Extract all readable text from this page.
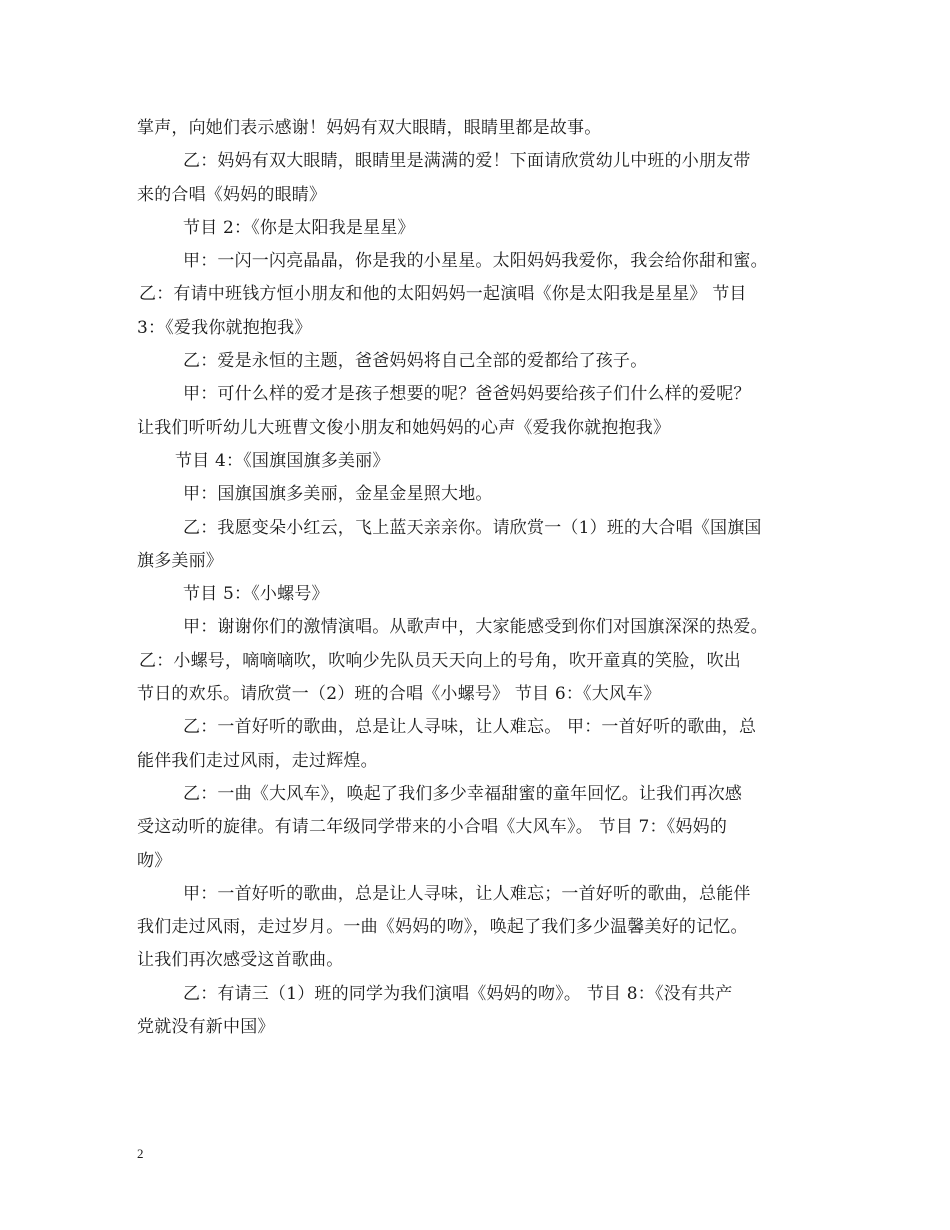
掌声，向她们表示感谢！妈妈有双大眼睛，眼睛里都是故事。
乙：妈妈有双大眼睛，眼睛里是满满的爱！下面请欣赏幼儿中班的小朋友带
来的合唱《妈妈的眼睛》
节目 2：《你是太阳我是星星》
甲：一闪一闪亮晶晶，你是我的小星星。太阳妈妈我爱你，我会给你甜和蜜。
乙：有请中班钱方恒小朋友和他的太阳妈妈一起演唱《你是太阳我是星星》 节目
3：《爱我你就抱抱我》
乙：爱是永恒的主题，爸爸妈妈将自己全部的爱都给了孩子。
甲：可什么样的爱才是孩子想要的呢？爸爸妈妈要给孩子们什么样的爱呢？
让我们听听幼儿大班曹文俊小朋友和她妈妈的心声《爱我你就抱抱我》
节目 4：《国旗国旗多美丽》
甲：国旗国旗多美丽，金星金星照大地。
乙：我愿变朵小红云，飞上蓝天亲亲你。请欣赏一（1）班的大合唱《国旗国
旗多美丽》
节目 5：《小螺号》
甲：谢谢你们的激情演唱。从歌声中，大家能感受到你们对国旗深深的热爱。
乙：小螺号，嘀嘀嘀吹，吹响少先队员天天向上的号角，吹开童真的笑脸，吹出
节日的欢乐。请欣赏一（2）班的合唱《小螺号》 节目 6：《大风车》
乙：一首好听的歌曲，总是让人寻味，让人难忘。 甲：一首好听的歌曲，总
能伴我们走过风雨，走过辉煌。
乙：一曲《大风车》，唤起了我们多少幸福甜蜜的童年回忆。让我们再次感
受这动听的旋律。有请二年级同学带来的小合唱《大风车》。 节目 7：《妈妈的
吻》
甲：一首好听的歌曲，总是让人寻味，让人难忘；一首好听的歌曲，总能伴
我们走过风雨，走过岁月。一曲《妈妈的吻》，唤起了我们多少温馨美好的记忆。
让我们再次感受这首歌曲。
乙：有请三（1）班的同学为我们演唱《妈妈的吻》。 节目 8：《没有共产
党就没有新中国》
2
